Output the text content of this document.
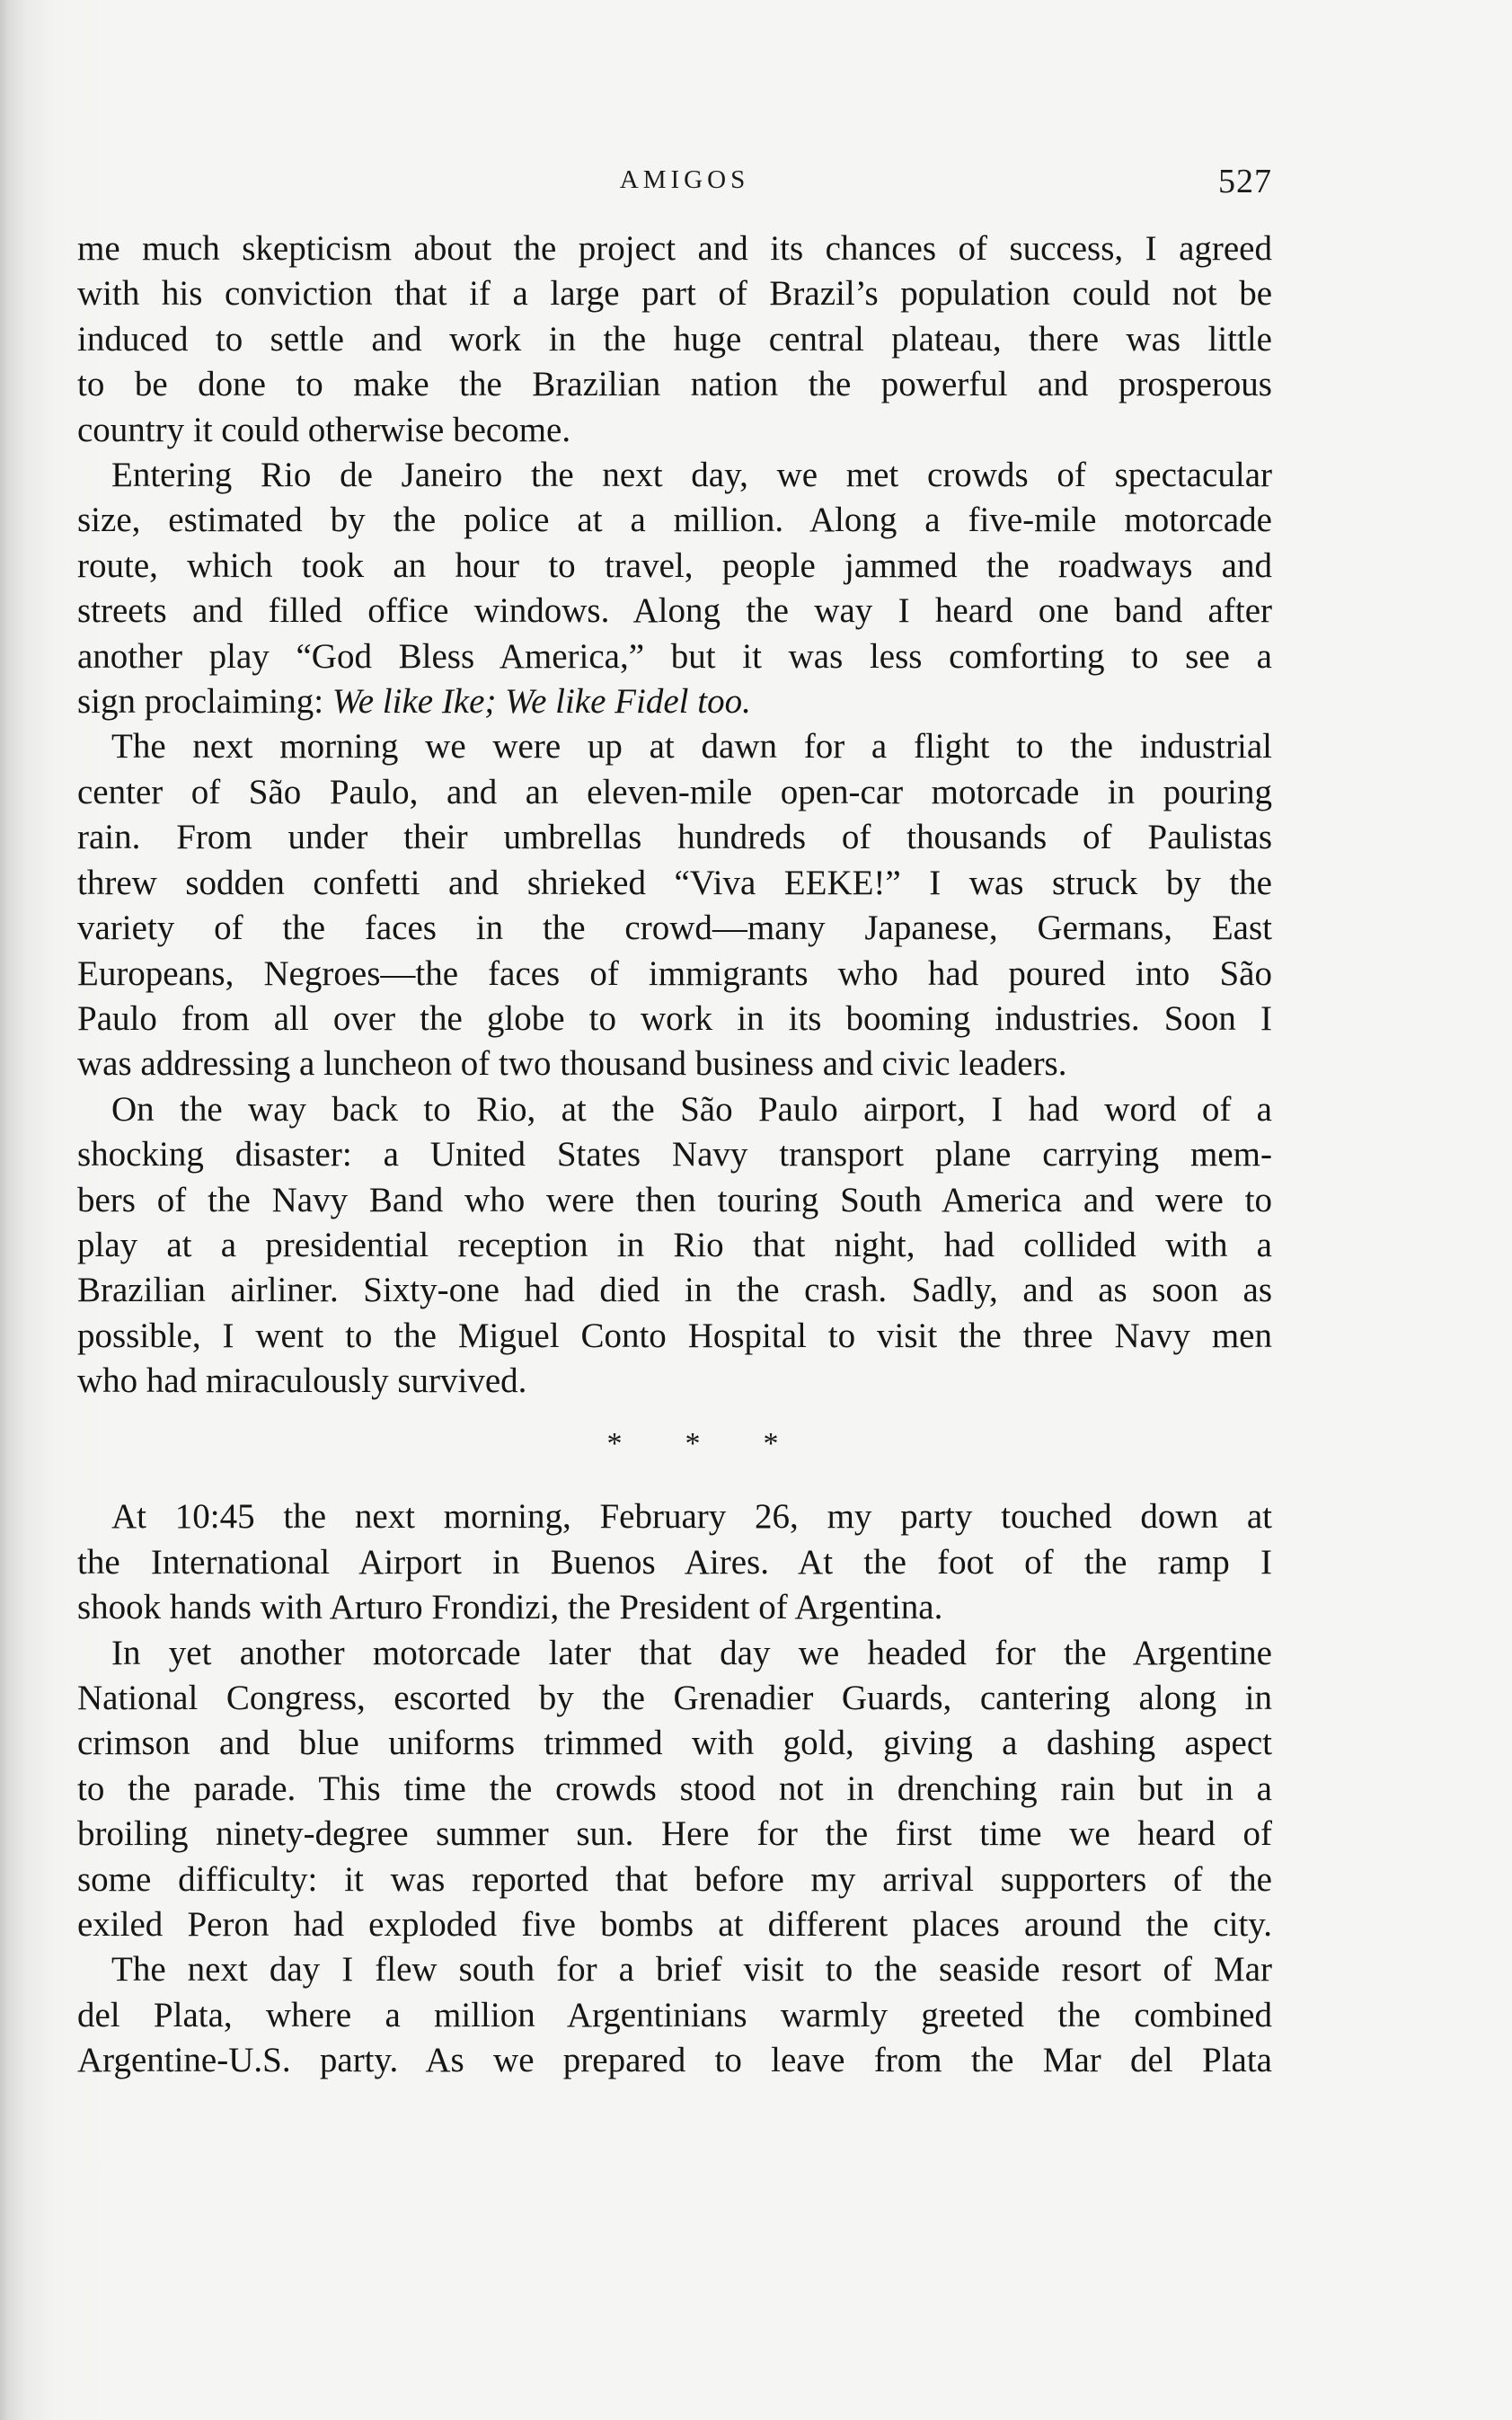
AMIGOS	527
me much skepticism about the project and its chances of success, I agreed
with his conviction that if a large part of Brazil’s population could not be
induced to settle and work in the huge central plateau, there was little
to be done to make the Brazilian nation the powerful and prosperous
country it could otherwise become.
Entering Rio de Janeiro the next day, we met crowds of spectacular
size, estimated by the police at a million. Along a five-mile motorcade
route, which took an hour to travel, people jammed the roadways and
streets and filled office windows. Along the way I heard one band after
another play “God Bless America,” but it was less comforting to see a
sign proclaiming: We like Ike; We like Fidel too.
The next morning we were up at dawn for a flight to the industrial
center of São Paulo, and an eleven-mile open-car motorcade in pouring
rain. From under their umbrellas hundreds of thousands of Paulistas
threw sodden confetti and shrieked “Viva EEKE!” I was struck by the
variety of the faces in the crowd—many Japanese, Germans, East
Europeans, Negroes—the faces of immigrants who had poured into São
Paulo from all over the globe to work in its booming industries. Soon I
was addressing a luncheon of two thousand business and civic leaders.
On the way back to Rio, at the São Paulo airport, I had word of a
shocking disaster: a United States Navy transport plane carrying mem-
bers of the Navy Band who were then touring South America and were to
play at a presidential reception in Rio that night, had collided with a
Brazilian airliner. Sixty-one had died in the crash. Sadly, and as soon as
possible, I went to the Miguel Conto Hospital to visit the three Navy men
who had miraculously survived.
* * *
At 10:45 the next morning, February 26, my party touched down at
the International Airport in Buenos Aires. At the foot of the ramp I
shook hands with Arturo Frondizi, the President of Argentina.
In yet another motorcade later that day we headed for the Argentine
National Congress, escorted by the Grenadier Guards, cantering along in
crimson and blue uniforms trimmed with gold, giving a dashing aspect
to the parade. This time the crowds stood not in drenching rain but in a
broiling ninety-degree summer sun. Here for the first time we heard of
some difficulty: it was reported that before my arrival supporters of the
exiled Peron had exploded five bombs at different places around the city.
The next day I flew south for a brief visit to the seaside resort of Mar
del Plata, where a million Argentinians warmly greeted the combined
Argentine-U.S. party. As we prepared to leave from the Mar del Plata
